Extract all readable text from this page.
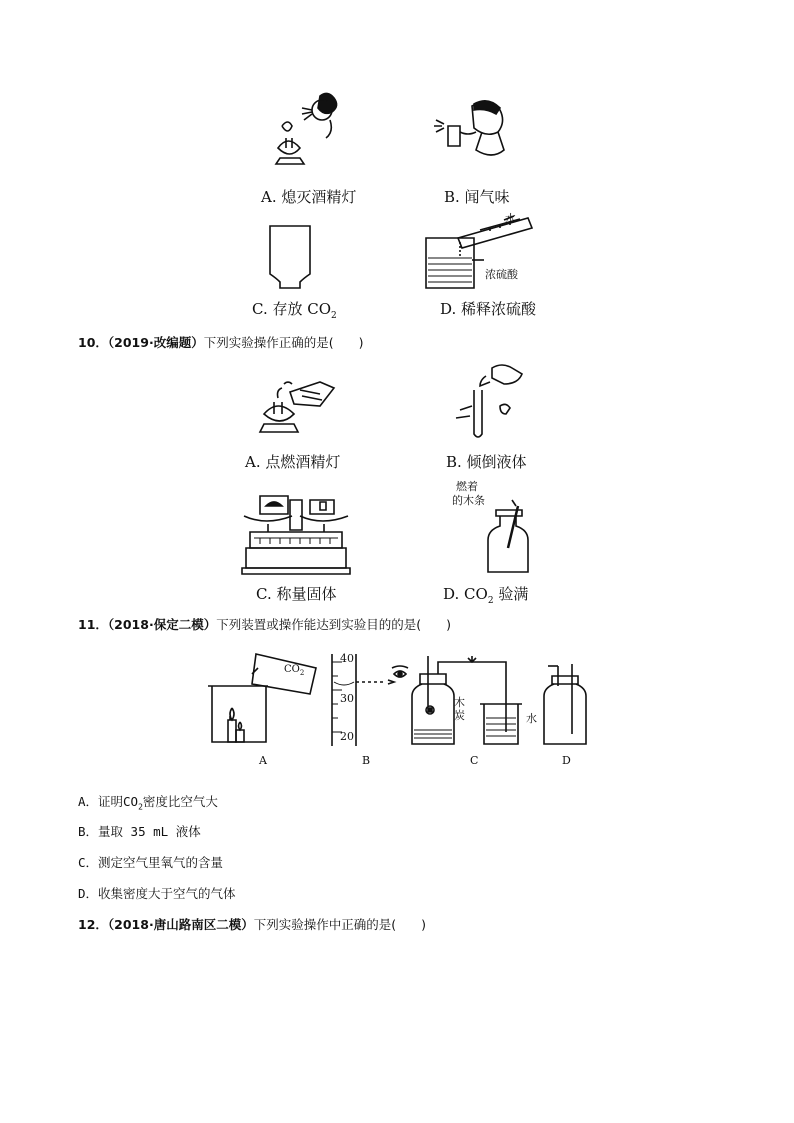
A. 熄灭酒精灯	B. 闻气味
C. 存放 $CO_2$
水
浓硫酸
D. 稀释浓硫酸
10．（2019·改编题）下列实验操作正确的是(　　)
A. 点燃酒精灯	B. 倾倒液体
C. 称量固体
燃着
的木条
D. $CO_2$ 验满
11．（2018·保定二模）下列装置或操作能达到实验目的的是(　　)
$CO_2$
40
30
20
木
炭	水
A	B	C	D
A．证明$CO_2$密度比空气大
B．量取 35 mL 液体
C．测定空气里氧气的含量
D．收集密度大于空气的气体
12．（2018·唐山路南区二模）下列实验操作中正确的是(　　)
